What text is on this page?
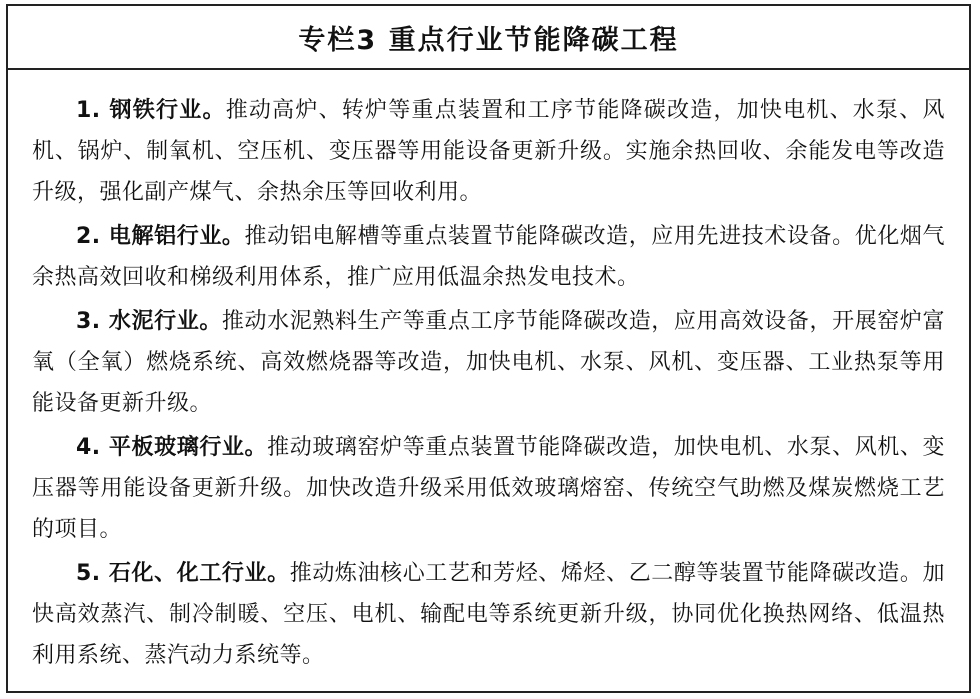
专栏3 重点行业节能降碳工程

1. 钢铁行业。推动高炉、转炉等重点装置和工序节能降碳改造，加快电机、水泵、风机、锅炉、制氧机、空压机、变压器等用能设备更新升级。实施余热回收、余能发电等改造升级，强化副产煤气、余热余压等回收利用。

2. 电解铝行业。推动铝电解槽等重点装置节能降碳改造，应用先进技术设备。优化烟气余热高效回收和梯级利用体系，推广应用低温余热发电技术。

3. 水泥行业。推动水泥熟料生产等重点工序节能降碳改造，应用高效设备，开展窑炉富氧（全氧）燃烧系统、高效燃烧器等改造，加快电机、水泵、风机、变压器、工业热泵等用能设备更新升级。

4. 平板玻璃行业。推动玻璃窑炉等重点装置节能降碳改造，加快电机、水泵、风机、变压器等用能设备更新升级。加快改造升级采用低效玻璃熔窑、传统空气助燃及煤炭燃烧工艺的项目。

5. 石化、化工行业。推动炼油核心工艺和芳烃、烯烃、乙二醇等装置节能降碳改造。加快高效蒸汽、制冷制暖、空压、电机、输配电等系统更新升级，协同优化换热网络、低温热利用系统、蒸汽动力系统等。
